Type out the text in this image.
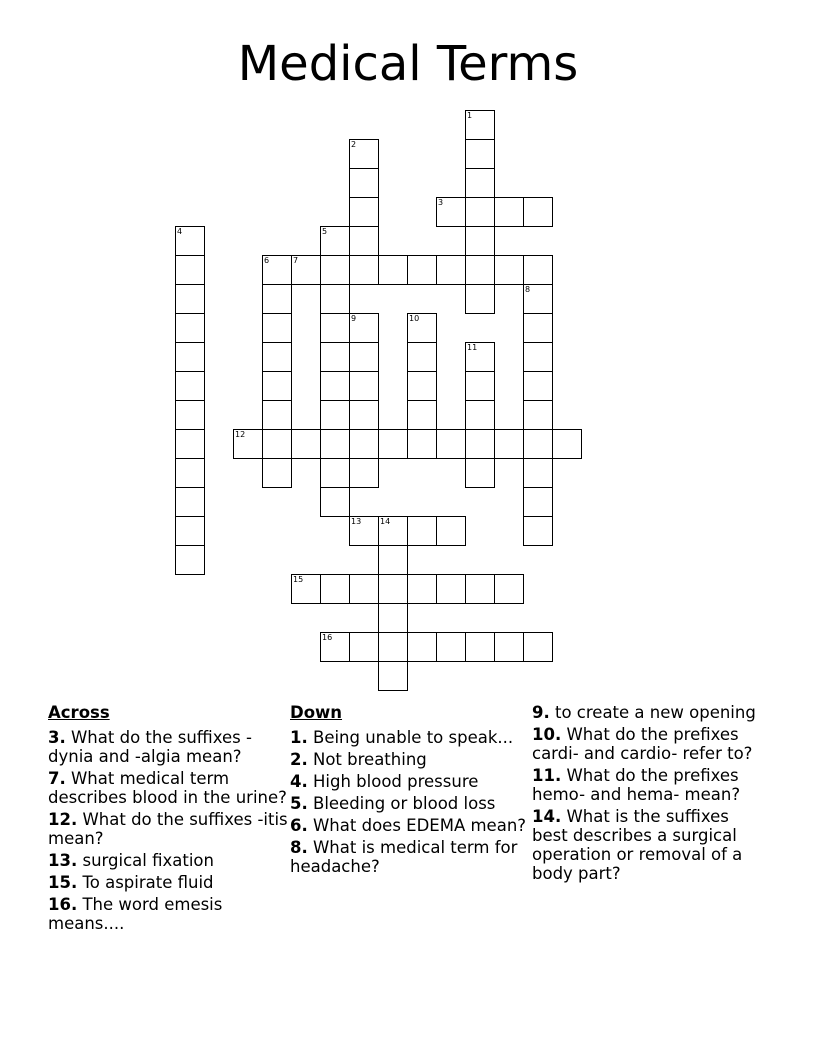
Medical Terms
1
2
3
4	5
6	7
8
9	10
11
12
13 14
15
16
Across
3. What do the suffixes -dynia and -algia mean?
7. What medical term describes blood in the urine?
12. What do the suffixes -itis mean?
13. surgical fixation
15. To aspirate fluid
16. The word emesis means....
Down
1. Being unable to speak...
2. Not breathing
4. High blood pressure
5. Bleeding or blood loss
6. What does EDEMA mean?
8. What is medical term for headache?
9. to create a new opening
10. What do the prefixes cardi- and cardio- refer to?
11. What do the prefixes hemo- and hema- mean?
14. What is the suffixes best describes a surgical operation or removal of a body part?
